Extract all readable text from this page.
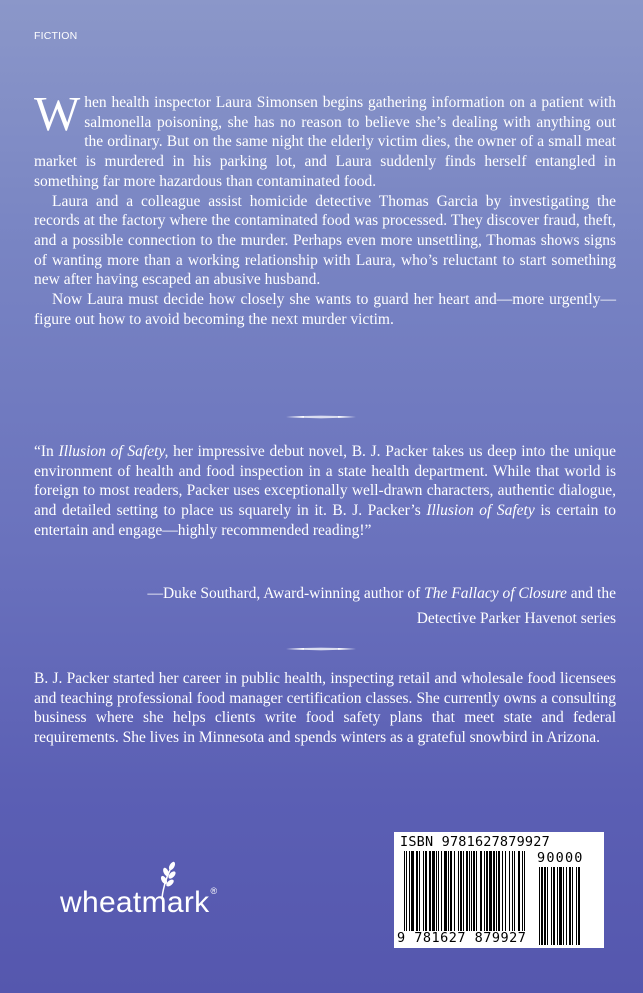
FICTION

When health inspector Laura Simonsen begins gathering information on a patient with salmonella poisoning, she has no reason to believe she’s dealing with anything out the ordinary. But on the same night the elderly victim dies, the owner of a small meat market is murdered in his parking lot, and Laura suddenly finds herself entangled in something far more hazardous than contaminated food.

Laura and a colleague assist homicide detective Thomas Garcia by investigating the records at the factory where the contaminated food was processed. They discover fraud, theft, and a possible connection to the murder. Perhaps even more unsettling, Thomas shows signs of wanting more than a working relationship with Laura, who’s reluctant to start something new after having escaped an abusive husband.

Now Laura must decide how closely she wants to guard her heart and—more urgently—figure out how to avoid becoming the next murder victim.

“In Illusion of Safety, her impressive debut novel, B. J. Packer takes us deep into the unique environment of health and food inspection in a state health department. While that world is foreign to most readers, Packer uses exceptionally well-drawn characters, authentic dialogue, and detailed setting to place us squarely in it. B. J. Packer’s Illusion of Safety is certain to entertain and engage—highly recommended reading!”

—Duke Southard, Award-winning author of The Fallacy of Closure and the
Detective Parker Havenot series

B. J. Packer started her career in public health, inspecting retail and wholesale food licensees and teaching professional food manager certification classes. She currently owns a consulting business where she helps clients write food safety plans that meet state and federal requirements. She lives in Minnesota and spends winters as a grateful snowbird in Arizona.

wheatmark®
ISBN 9781627879927
90000
9 781627 879927
